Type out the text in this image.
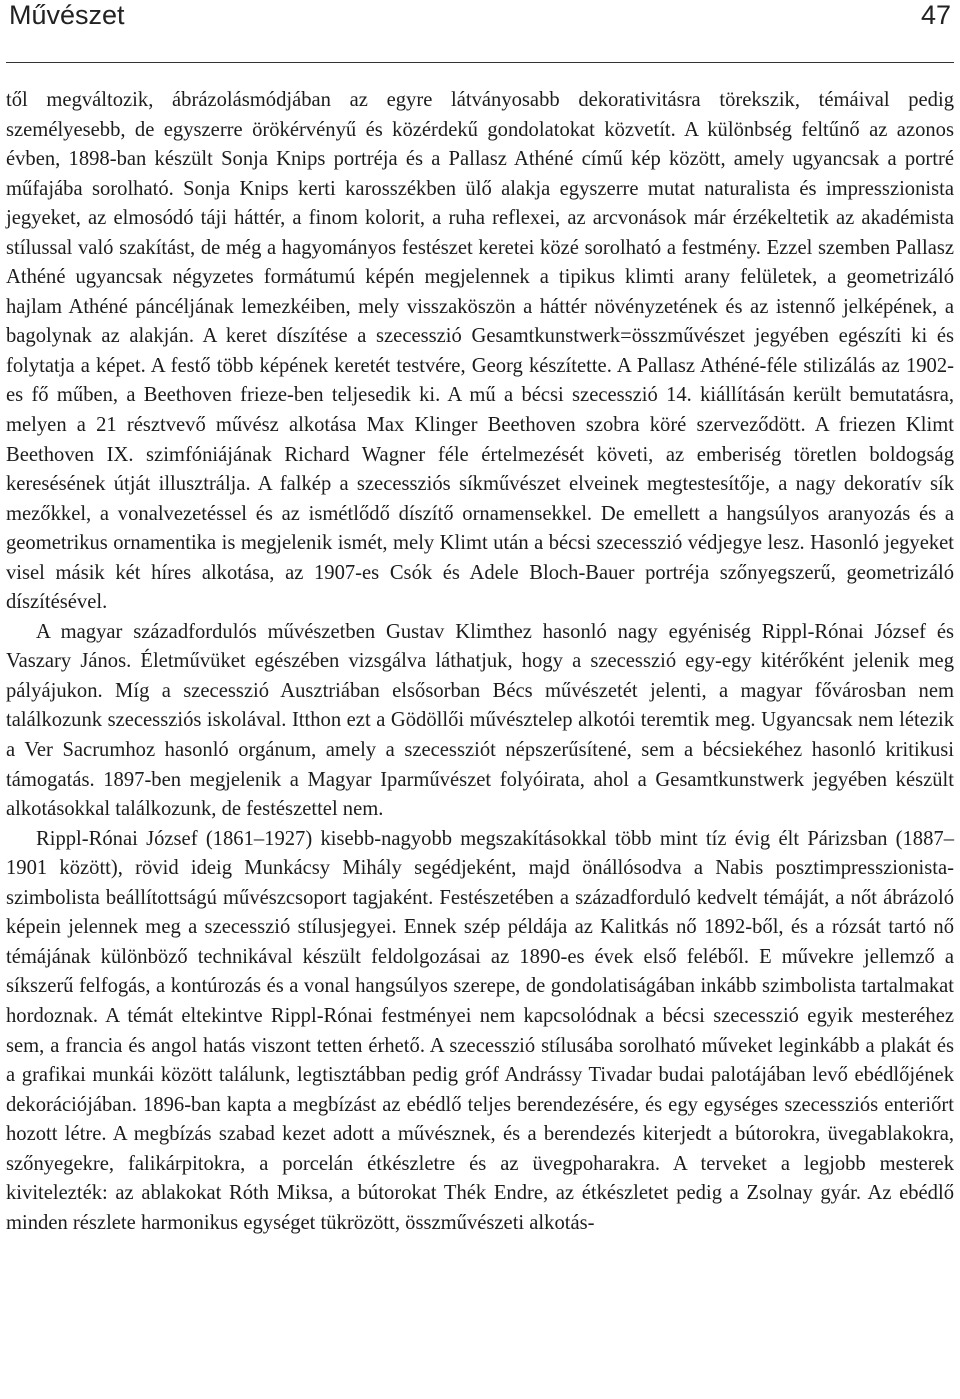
Művészet	47

től megváltozik, ábrázolásmódjában az egyre látványosabb dekorativitásra törekszik, témáival pedig személyesebb, de egyszerre örökérvényű és közérdekű gondolatokat közvetít. A különbség feltűnő az azonos évben, 1898-ban készült Sonja Knips portréja és a Pallasz Athéné című kép között, amely ugyancsak a portré műfajába sorolható. Sonja Knips kerti karosszékben ülő alakja egyszerre mutat naturalista és impresszionista jegyeket, az elmosódó táji háttér, a finom kolorit, a ruha reflexei, az arcvonások már érzékeltetik az akadémista stílussal való szakítást, de még a hagyományos festészet keretei közé sorolható a festmény. Ezzel szemben Pallasz Athéné ugyancsak négyzetes formátumú képén megjelennek a tipikus klimti arany felületek, a geometrizáló hajlam Athéné páncéljának lemezkéiben, mely visszaköszön a háttér növényzetének és az istennő jelképének, a bagolynak az alakján. A keret díszítése a szecesszió Gesamtkunstwerk=összművészet jegyében egészíti ki és folytatja a képet. A festő több képének keretét testvére, Georg készítette. A Pallasz Athéné-féle stilizálás az 1902-es fő műben, a Beethoven frieze-ben teljesedik ki. A mű a bécsi szecesszió 14. kiállításán került bemutatásra, melyen a 21 résztvevő művész alkotása Max Klinger Beethoven szobra köré szerveződött. A friezen Klimt Beethoven IX. szimfóniájának Richard Wagner féle értelmezését követi, az emberiség töretlen boldogság keresésének útját illusztrálja. A falkép a szecessziós síkművészet elveinek megtestesítője, a nagy dekoratív sík mezőkkel, a vonalvezetéssel és az ismétlődő díszítő ornamensekkel. De emellett a hangsúlyos aranyozás és a geometrikus ornamentika is megjelenik ismét, mely Klimt után a bécsi szecesszió védjegye lesz. Hasonló jegyeket visel másik két híres alkotása, az 1907-es Csók és Adele Bloch-Bauer portréja szőnyegszerű, geometrizáló díszítésével.

A magyar századfordulós művészetben Gustav Klimthez hasonló nagy egyéniség Rippl-Rónai József és Vaszary János. Életművüket egészében vizsgálva láthatjuk, hogy a szecesszió egy-egy kitérőként jelenik meg pályájukon. Míg a szecesszió Ausztriában elsősorban Bécs művészetét jelenti, a magyar fővárosban nem találkozunk szecessziós iskolával. Itthon ezt a Gödöllői művésztelep alkotói teremtik meg. Ugyancsak nem létezik a Ver Sacrumhoz hasonló orgánum, amely a szecessziót népszerűsítené, sem a bécsiekéhez hasonló kritikusi támogatás. 1897-ben megjelenik a Magyar Iparművészet folyóirata, ahol a Gesamtkunstwerk jegyében készült alkotásokkal találkozunk, de festészettel nem.

Rippl-Rónai József (1861–1927) kisebb-nagyobb megszakításokkal több mint tíz évig élt Párizsban (1887–1901 között), rövid ideig Munkácsy Mihály segédjeként, majd önállósodva a Nabis posztimpresszionista-szimbolista beállítottságú művészcsoport tagjaként. Festészetében a századforduló kedvelt témáját, a nőt ábrázoló képein jelennek meg a szecesszió stílusjegyei. Ennek szép példája az Kalitkás nő 1892-ből, és a rózsát tartó nő témájának különböző technikával készült feldolgozásai az 1890-es évek első feléből. E művekre jellemző a síkszerű felfogás, a kontúrozás és a vonal hangsúlyos szerepe, de gondolatiságában inkább szimbolista tartalmakat hordoznak. A témát eltekintve Rippl-Rónai festményei nem kapcsolódnak a bécsi szecesszió egyik mesteréhez sem, a francia és angol hatás viszont tetten érhető. A szecesszió stílusába sorolható műveket leginkább a plakát és a grafikai munkái között találunk, legtisztábban pedig gróf Andrássy Tivadar budai palotájában levő ebédlőjének dekorációjában. 1896-ban kapta a megbízást az ebédlő teljes berendezésére, és egy egységes szecessziós enteriőrt hozott létre. A megbízás szabad kezet adott a művésznek, és a berendezés kiterjedt a bútorokra, üvegablakokra, szőnyegekre, falikárpitokra, a porcelán étkészletre és az üvegpoharakra. A terveket a legjobb mesterek kivitelezték: az ablakokat Róth Miksa, a bútorokat Thék Endre, az étkészletet pedig a Zsolnay gyár. Az ebédlő minden részlete harmonikus egységet tükrözött, összművészeti alkotás-
